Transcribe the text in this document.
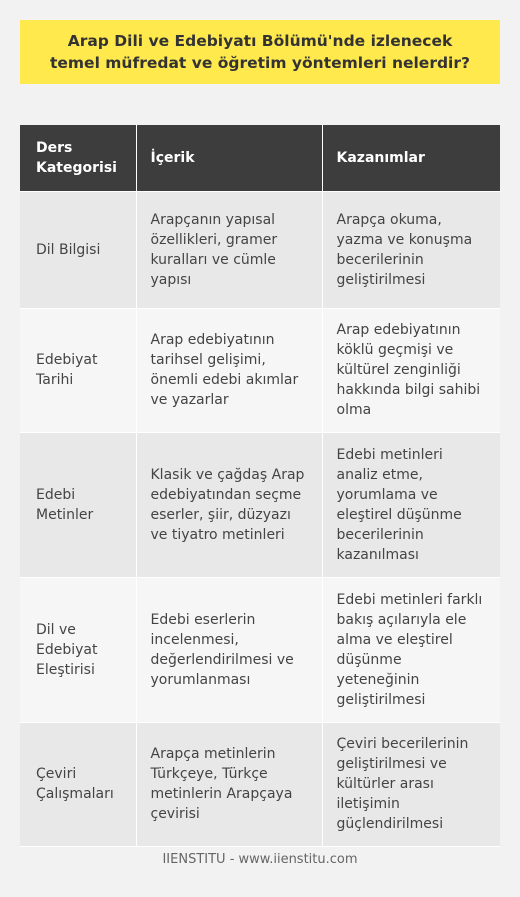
Arap Dili ve Edebiyatı Bölümü'nde izlenecek temel müfredat ve öğretim yöntemleri nelerdir?

Ders Kategorisi	İçerik	Kazanımlar
Dil Bilgisi	Arapçanın yapısal özellikleri, gramer kuralları ve cümle yapısı	Arapça okuma, yazma ve konuşma becerilerinin geliştirilmesi
Edebiyat Tarihi	Arap edebiyatının tarihsel gelişimi, önemli edebi akımlar ve yazarlar	Arap edebiyatının köklü geçmişi ve kültürel zenginliği hakkında bilgi sahibi olma
Edebi Metinler	Klasik ve çağdaş Arap edebiyatından seçme eserler, şiir, düzyazı ve tiyatro metinleri	Edebi metinleri analiz etme, yorumlama ve eleştirel düşünme becerilerinin kazanılması
Dil ve Edebiyat Eleştirisi	Edebi eserlerin incelenmesi, değerlendirilmesi ve yorumlanması	Edebi metinleri farklı bakış açılarıyla ele alma ve eleştirel düşünme yeteneğinin geliştirilmesi
Çeviri Çalışmaları	Arapça metinlerin Türkçeye, Türkçe metinlerin Arapçaya çevirisi	Çeviri becerilerinin geliştirilmesi ve kültürler arası iletişimin güçlendirilmesi
IIENSTITU - www.iienstitu.com
